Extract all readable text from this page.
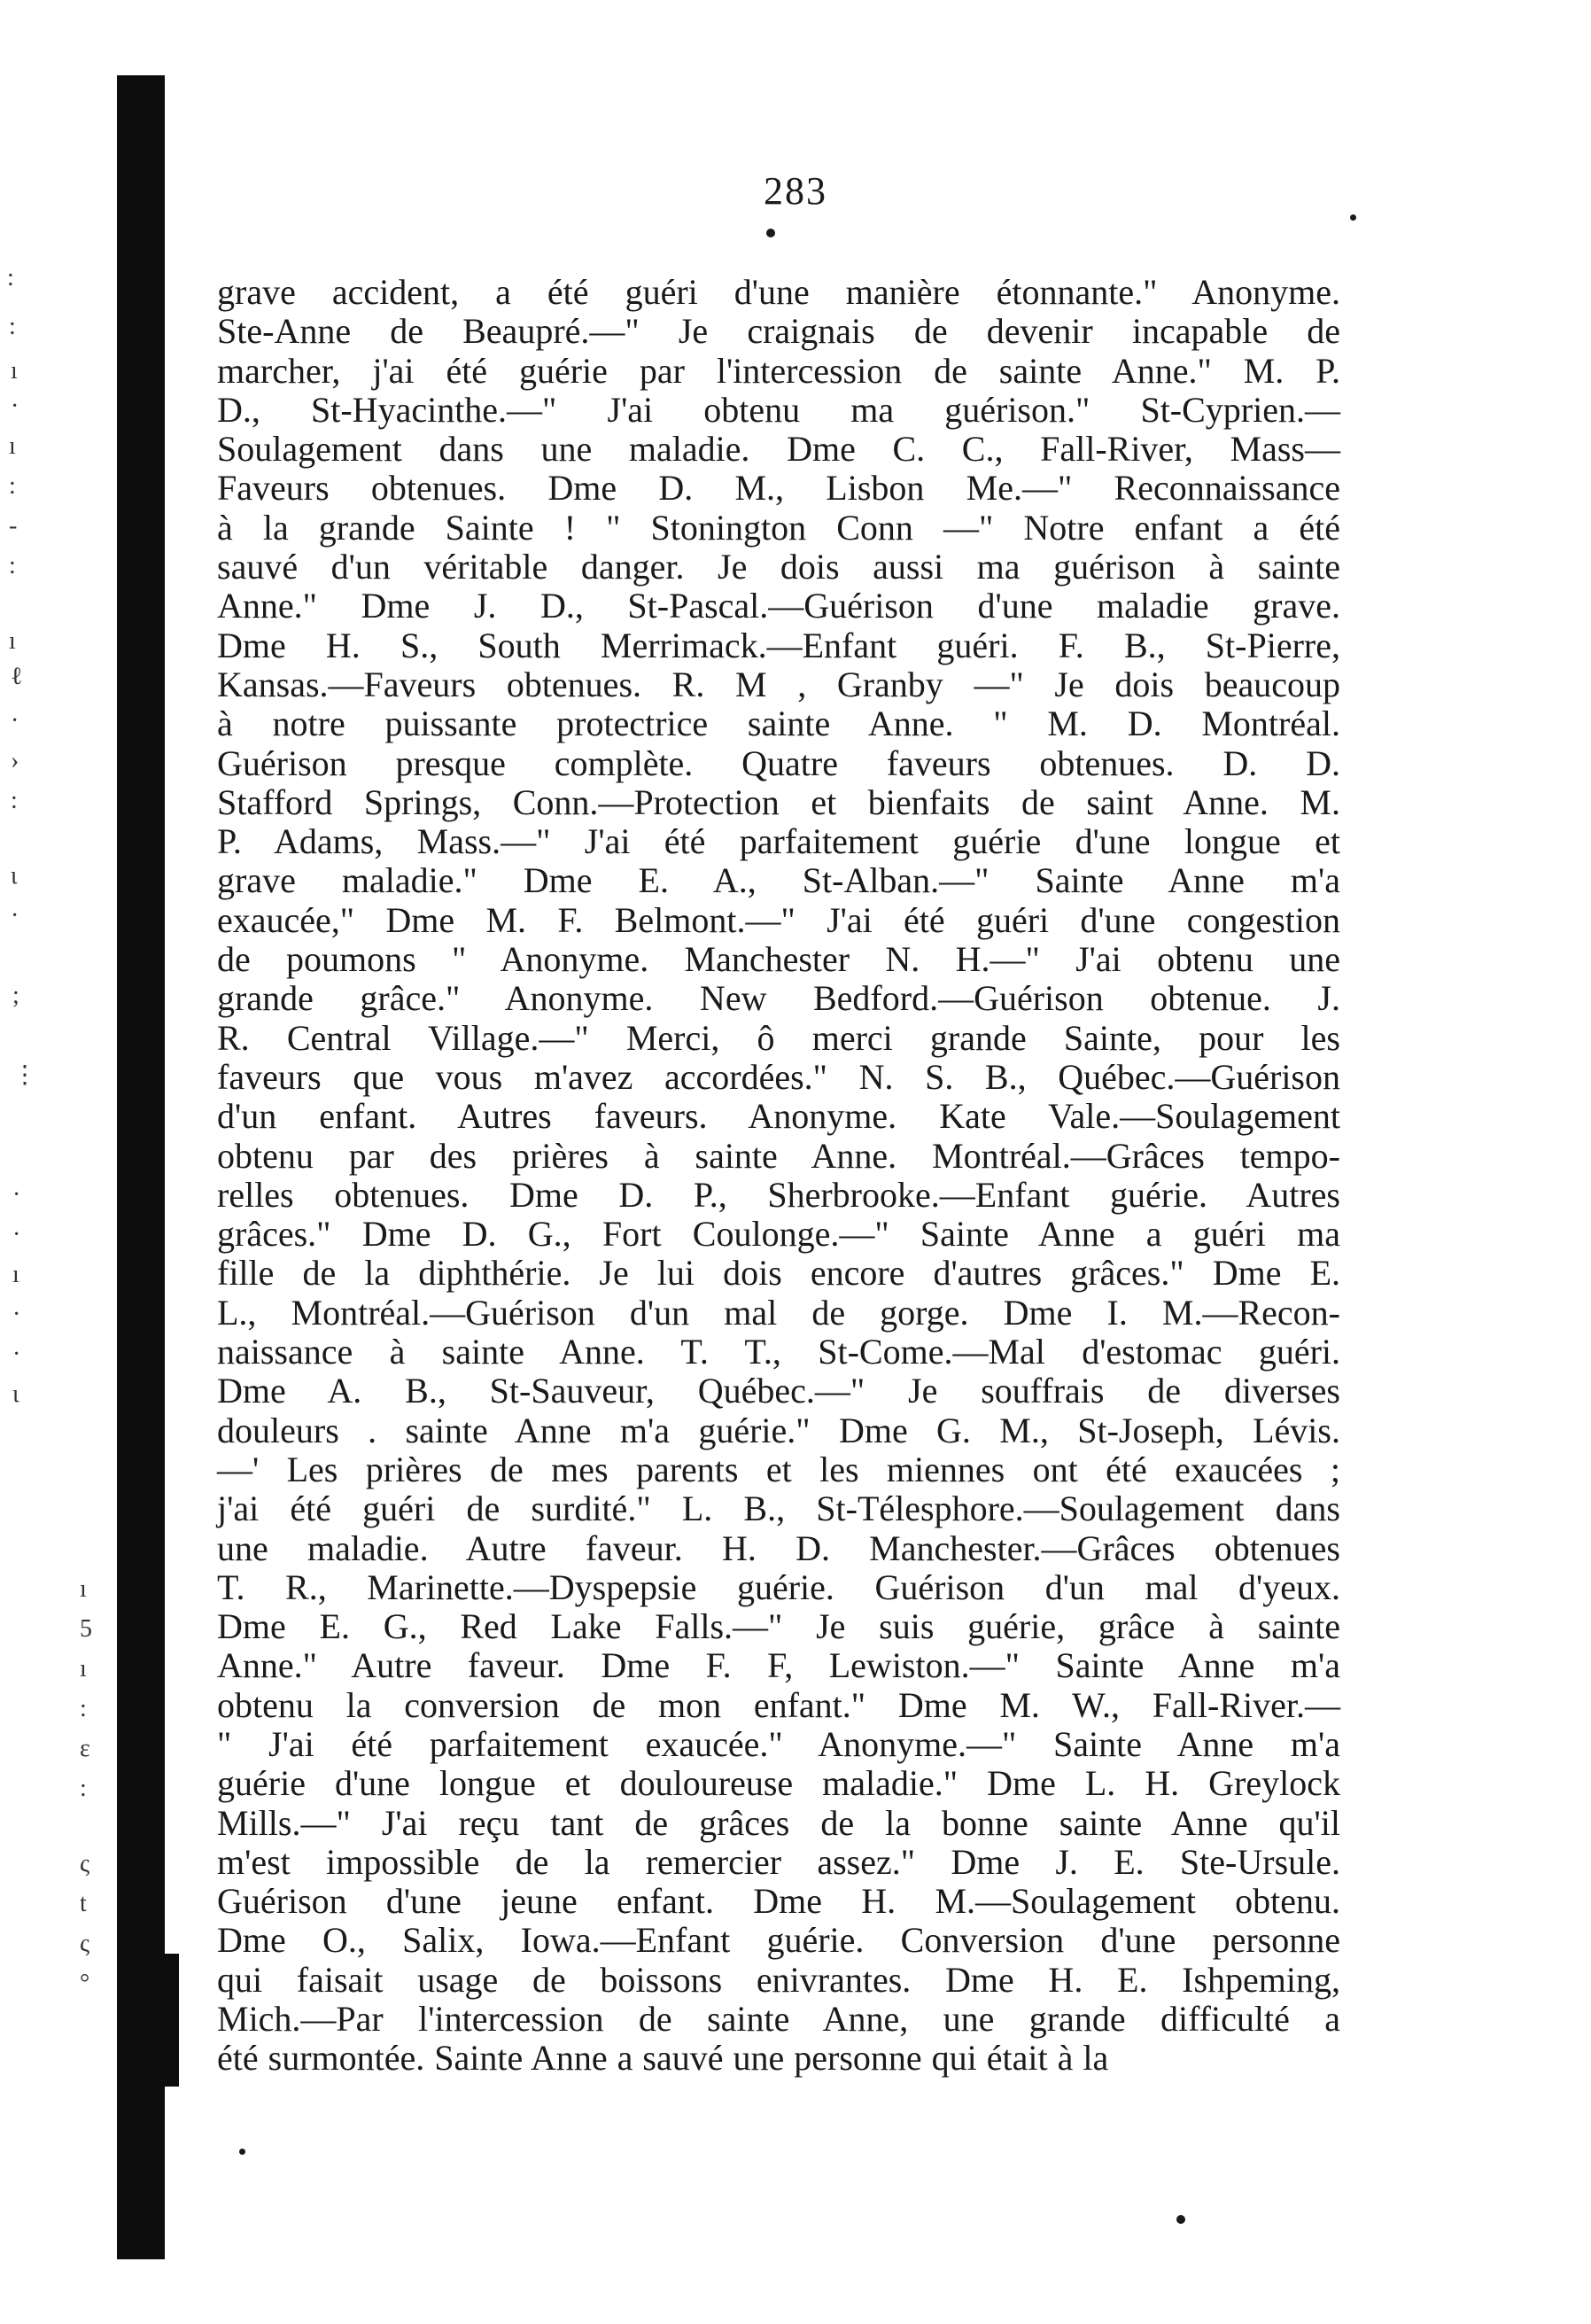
:
:
ı
·
ı
:
-
:
ı
ℓ
·
›
:
ι
·
;
⋮
·
·
ı
·
·
ι
ı
5
ı
:
ε
:
ς
t
ς
°
283
grave accident, a été guéri d'une manière étonnante." Anonyme.
Ste-Anne de Beaupré.—" Je craignais de devenir incapable de
marcher, j'ai été guérie par l'intercession de sainte Anne." M. P.
D., St-Hyacinthe.—" J'ai obtenu ma guérison." St-Cyprien.—
Soulagement dans une maladie. Dme C. C., Fall-River, Mass—
Faveurs obtenues. Dme D. M., Lisbon Me.—" Reconnaissance
à la grande Sainte ! " Stonington Conn —" Notre enfant a été
sauvé d'un véritable danger. Je dois aussi ma guérison à sainte
Anne." Dme J. D., St-Pascal.—Guérison d'une maladie grave.
Dme H. S., South Merrimack.—Enfant guéri. F. B., St-Pierre,
Kansas.—Faveurs obtenues. R. M , Granby —" Je dois beaucoup
à notre puissante protectrice sainte Anne. " M. D. Montréal.
Guérison presque complète. Quatre faveurs obtenues. D. D.
Stafford Springs, Conn.—Protection et bienfaits de saint Anne. M.
P. Adams, Mass.—" J'ai été parfaitement guérie d'une longue et
grave maladie." Dme E. A., St-Alban.—" Sainte Anne m'a
exaucée," Dme M. F. Belmont.—" J'ai été guéri d'une congestion
de poumons " Anonyme. Manchester N. H.—" J'ai obtenu une
grande grâce." Anonyme. New Bedford.—Guérison obtenue. J.
R. Central Village.—" Merci, ô merci grande Sainte, pour les
faveurs que vous m'avez accordées." N. S. B., Québec.—Guérison
d'un enfant. Autres faveurs. Anonyme. Kate Vale.—Soulagement
obtenu par des prières à sainte Anne. Montréal.—Grâces tempo-
relles obtenues. Dme D. P., Sherbrooke.—Enfant guérie. Autres
grâces." Dme D. G., Fort Coulonge.—" Sainte Anne a guéri ma
fille de la diphthérie. Je lui dois encore d'autres grâces." Dme E.
L., Montréal.—Guérison d'un mal de gorge. Dme I. M.—Recon-
naissance à sainte Anne. T. T., St-Come.—Mal d'estomac guéri.
Dme A. B., St-Sauveur, Québec.—" Je souffrais de diverses
douleurs . sainte Anne m'a guérie." Dme G. M., St-Joseph, Lévis.
—' Les prières de mes parents et les miennes ont été exaucées ;
j'ai été guéri de surdité." L. B., St-Télesphore.—Soulagement dans
une maladie. Autre faveur. H. D. Manchester.—Grâces obtenues
T. R., Marinette.—Dyspepsie guérie. Guérison d'un mal d'yeux.
Dme E. G., Red Lake Falls.—" Je suis guérie, grâce à sainte
Anne." Autre faveur. Dme F. F, Lewiston.—" Sainte Anne m'a
obtenu la conversion de mon enfant." Dme M. W., Fall-River.—
" J'ai été parfaitement exaucée." Anonyme.—" Sainte Anne m'a
guérie d'une longue et douloureuse maladie." Dme L. H. Greylock
Mills.—" J'ai reçu tant de grâces de la bonne sainte Anne qu'il
m'est impossible de la remercier assez." Dme J. E. Ste-Ursule.
Guérison d'une jeune enfant. Dme H. M.—Soulagement obtenu.
Dme O., Salix, Iowa.—Enfant guérie. Conversion d'une personne
qui faisait usage de boissons enivrantes. Dme H. E. Ishpeming,
Mich.—Par l'intercession de sainte Anne, une grande difficulté a
été surmontée. Sainte Anne a sauvé une personne qui était à la
